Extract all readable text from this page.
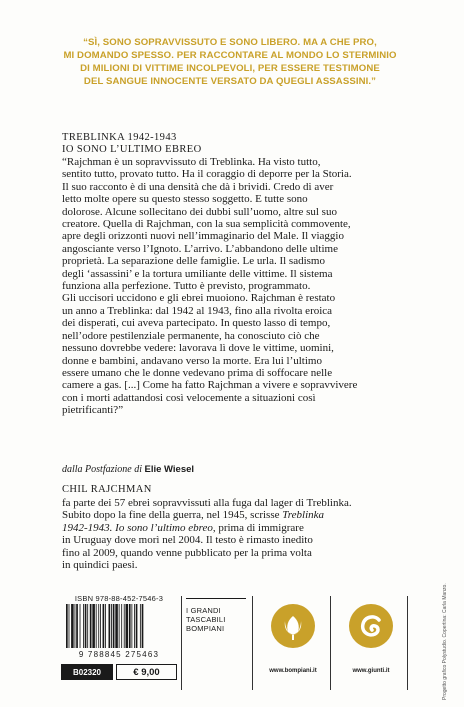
“SÌ, SONO SOPRAVVISSUTO E SONO LIBERO. MA A CHE PRO,
MI DOMANDO SPESSO. PER RACCONTARE AL MONDO LO STERMINIO
DI MILIONI DI VITTIME INCOLPEVOLI, PER ESSERE TESTIMONE
DEL SANGUE INNOCENTE VERSATO DA QUEGLI ASSASSINI.”
TREBLINKA 1942-1943
IO SONO L’ULTIMO EBREO

“Rajchman è un sopravvissuto di Treblinka. Ha visto tutto,

sentito tutto, provato tutto. Ha il coraggio di deporre per la Storia.

Il suo racconto è di una densità che dà i brividi. Credo di aver

letto molte opere su questo stesso soggetto. E tutte sono

dolorose. Alcune sollecitano dei dubbi sull’uomo, altre sul suo

creatore. Quella di Rajchman, con la sua semplicità commovente,

apre degli orizzonti nuovi nell’immaginario del Male. Il viaggio

angosciante verso l’Ignoto. L’arrivo. L’abbandono delle ultime

proprietà. La separazione delle famiglie. Le urla. Il sadismo

degli ‘assassini’ e la tortura umiliante delle vittime. Il sistema

funziona alla perfezione. Tutto è previsto, programmato.

Gli uccisori uccidono e gli ebrei muoiono. Rajchman è restato

un anno a Treblinka: dal 1942 al 1943, fino alla rivolta eroica

dei disperati, cui aveva partecipato. In questo lasso di tempo,

nell’odore pestilenziale permanente, ha conosciuto ciò che

nessuno dovrebbe vedere: lavorava lì dove le vittime, uomini,

donne e bambini, andavano verso la morte. Era lui l’ultimo

essere umano che le donne vedevano prima di soffocare nelle

camere a gas. [...] Come ha fatto Rajchman a vivere e sopravvivere

con i morti adattandosi così velocemente a situazioni così

pietrificanti?”

dalla Postfazione di Elie Wiesel
CHIL RAJCHMAN

fa parte dei 57 ebrei sopravvissuti alla fuga dal lager di Treblinka.

Subito dopo la fine della guerra, nel 1945, scrisse Treblinka

1942-1943. Io sono l’ultimo ebreo, prima di immigrare

in Uruguay dove morì nel 2004. Il testo è rimasto inedito

fino al 2009, quando venne pubblicato per la prima volta

in quindici paesi.

Progetto grafico Polystudio. Copertina: Carla Manzo.
ISBN 978-88-452-7546-3
9 788845 275463
B02320	€ 9,00
I GRANDI
TASCABILI
BOMPIANI
www.bompiani.it	www.giunti.it
